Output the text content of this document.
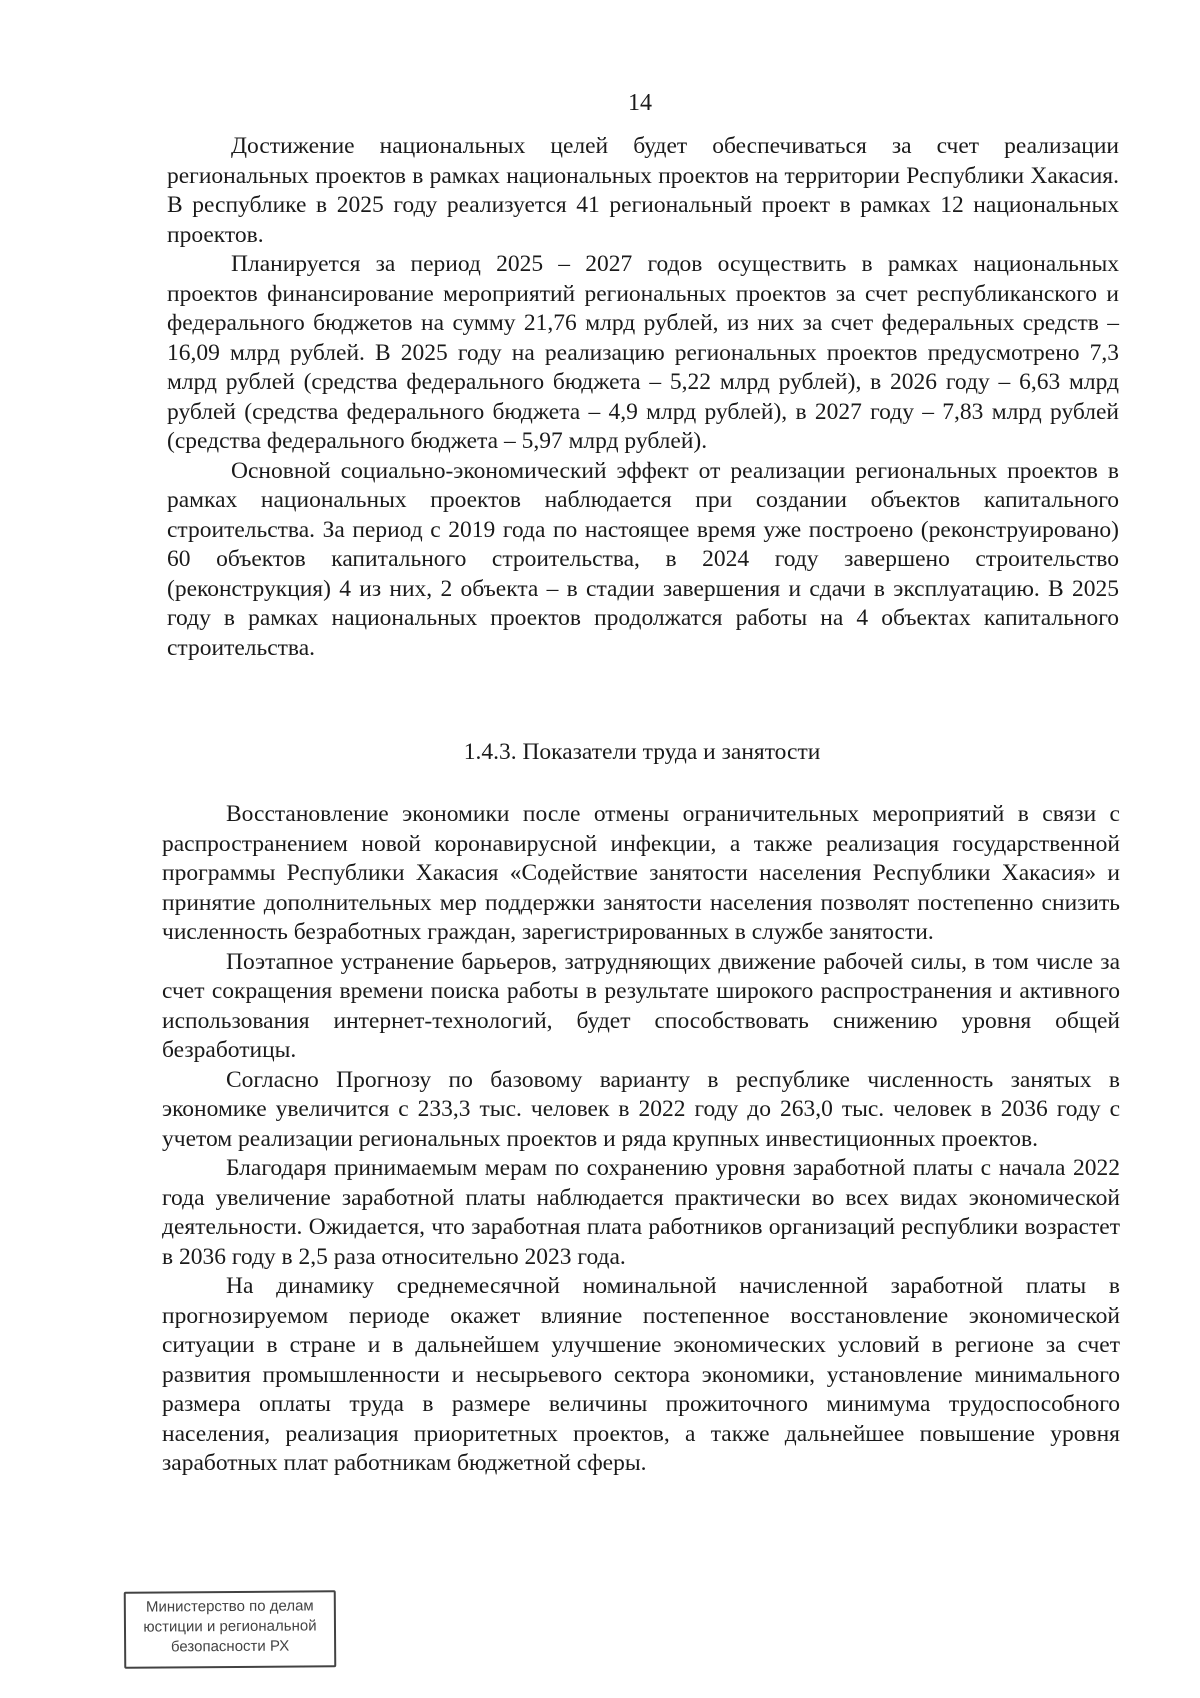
14

Достижение национальных целей будет обеспечиваться за счет реализации региональных проектов в рамках национальных проектов на территории Республики Хакасия. В республике в 2025 году реализуется 41 региональный проект в рамках 12 национальных проектов.

Планируется за период 2025 – 2027 годов осуществить в рамках национальных проектов финансирование мероприятий региональных проектов за счет республиканского и федерального бюджетов на сумму 21,76 млрд рублей, из них за счет федеральных средств – 16,09 млрд рублей. В 2025 году на реализацию региональных проектов предусмотрено 7,3 млрд рублей (средства федерального бюджета – 5,22 млрд рублей), в 2026 году – 6,63 млрд рублей (средства федерального бюджета – 4,9 млрд рублей), в 2027 году – 7,83 млрд рублей (средства федерального бюджета – 5,97 млрд рублей).

Основной социально-экономический эффект от реализации региональных проектов в рамках национальных проектов наблюдается при создании объектов капитального строительства. За период с 2019 года по настоящее время уже построено (реконструировано) 60 объектов капитального строительства, в 2024 году завершено строительство (реконструкция) 4 из них, 2 объекта – в стадии завершения и сдачи в эксплуатацию. В 2025 году в рамках национальных проектов продолжатся работы на 4 объектах капитального строительства.

1.4.3. Показатели труда и занятости

Восстановление экономики после отмены ограничительных мероприятий в связи с распространением новой коронавирусной инфекции, а также реализация государственной программы Республики Хакасия «Содействие занятости населения Республики Хакасия» и принятие дополнительных мер поддержки занятости населения позволят постепенно снизить численность безработных граждан, зарегистрированных в службе занятости.

Поэтапное устранение барьеров, затрудняющих движение рабочей силы, в том числе за счет сокращения времени поиска работы в результате широкого распространения и активного использования интернет-технологий, будет способствовать снижению уровня общей безработицы.

Согласно Прогнозу по базовому варианту в республике численность занятых в экономике увеличится с 233,3 тыс. человек в 2022 году до 263,0 тыс. человек в 2036 году с учетом реализации региональных проектов и ряда крупных инвестиционных проектов.

Благодаря принимаемым мерам по сохранению уровня заработной платы с начала 2022 года увеличение заработной платы наблюдается практически во всех видах экономической деятельности. Ожидается, что заработная плата работников организаций республики возрастет в 2036 году в 2,5 раза относительно 2023 года.

На динамику среднемесячной номинальной начисленной заработной платы в прогнозируемом периоде окажет влияние постепенное восстановление экономической ситуации в стране и в дальнейшем улучшение экономических условий в регионе за счет развития промышленности и несырьевого сектора экономики, установление минимального размера оплаты труда в размере величины прожиточного минимума трудоспособного населения, реализация приоритетных проектов, а также дальнейшее повышение уровня заработных плат работникам бюджетной сферы.

Министерство по делам
юстиции и региональной
безопасности РХ
